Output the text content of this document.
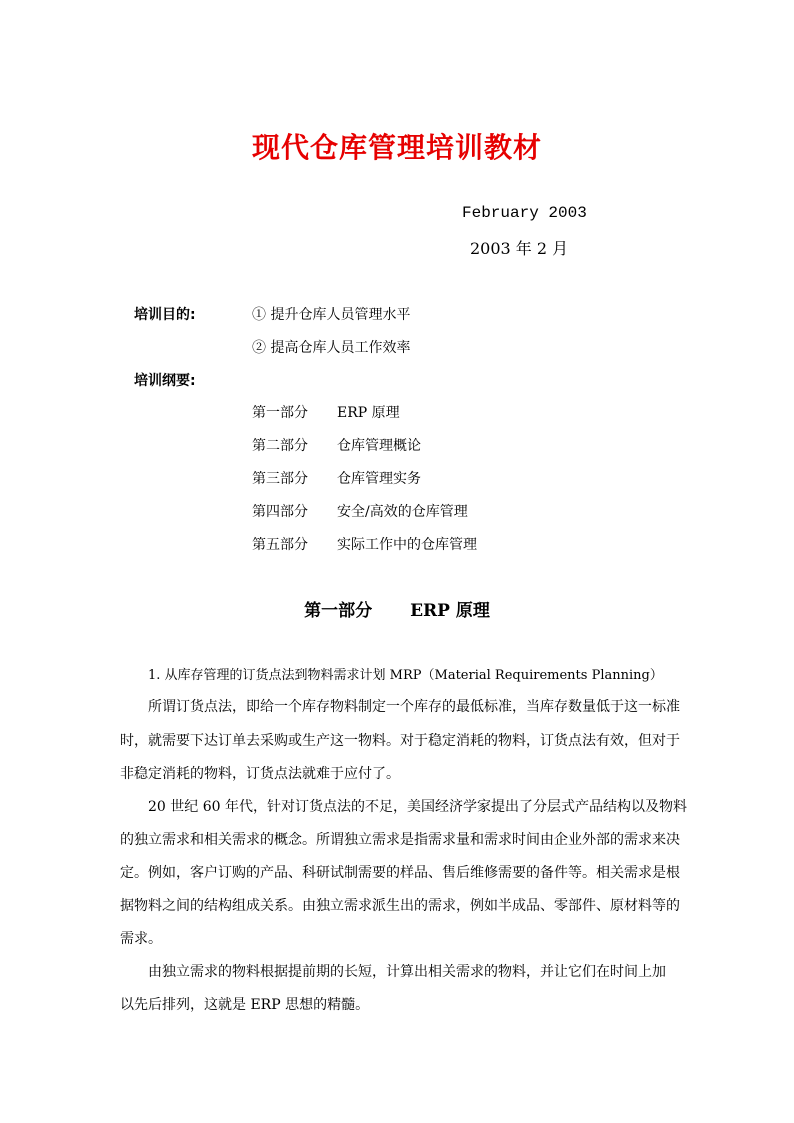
现代仓库管理培训教材
February 2003
2003 年 2 月
培训目的:	① 提升仓库人员管理水平
② 提高仓库人员工作效率
培训纲要:
第一部分 ERP 原理
第二部分 仓库管理概论
第三部分 仓库管理实务
第四部分 安全/高效的仓库管理
第五部分 实际工作中的仓库管理
第一部分 ERP 原理
1. 从库存管理的订货点法到物料需求计划 MRP（Material Requirements Planning）
所谓订货点法，即给一个库存物料制定一个库存的最低标准，当库存数量低于这一标准
时，就需要下达订单去采购或生产这一物料。对于稳定消耗的物料，订货点法有效，但对于
非稳定消耗的物料，订货点法就难于应付了。
20 世纪 60 年代，针对订货点法的不足，美国经济学家提出了分层式产品结构以及物料
的独立需求和相关需求的概念。所谓独立需求是指需求量和需求时间由企业外部的需求来决
定。例如，客户订购的产品、科研试制需要的样品、售后维修需要的备件等。相关需求是根
据物料之间的结构组成关系。由独立需求派生出的需求，例如半成品、零部件、原材料等的
需求。
由独立需求的物料根据提前期的长短，计算出相关需求的物料，并让它们在时间上加
以先后排列，这就是 ERP 思想的精髓。
